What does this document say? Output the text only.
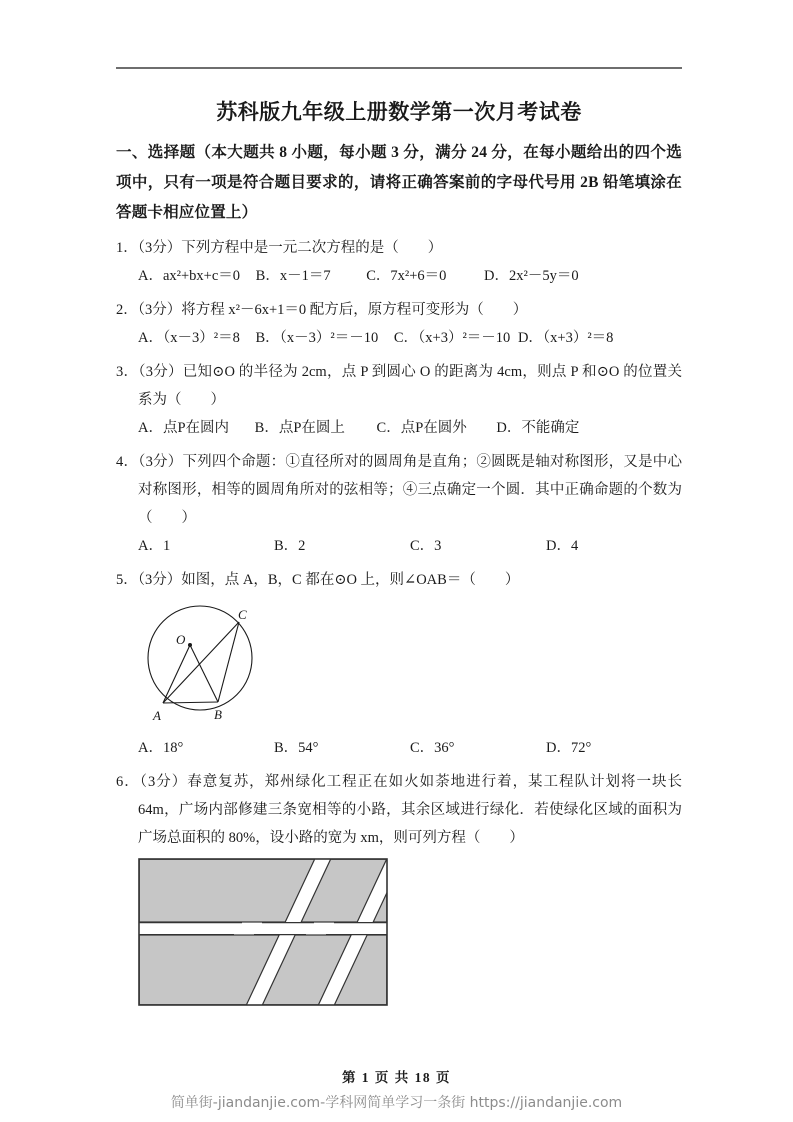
苏科版九年级上册数学第一次月考试卷
一、选择题（本大题共 8 小题，每小题 3 分，满分 24 分，在每小题给出的四个选项中，只有一项是符合题目要求的，请将正确答案前的字母代号用 2B 铅笔填涂在答题卡相应位置上）
1．（3分）下列方程中是一元二次方程的是（　　）
A．ax²+bx+c＝0 B．x－1＝7 C．7x²+6＝0	D．2x²－5y＝0
2．（3分）将方程 x²－6x+1＝0 配方后，原方程可变形为（　　）
A．（x－3）²＝8 B．（x－3）²＝－10 C．（x+3）²＝－10 D．（x+3）²＝8
3．（3分）已知⊙O 的半径为 2cm，点 P 到圆心 O 的距离为 4cm，则点 P 和⊙O 的位置关系为（　　）
A．点P在圆内 B．点P在圆上 C．点P在圆外 D．不能确定
4．（3分）下列四个命题：①直径所对的圆周角是直角；②圆既是轴对称图形，又是中心对称图形，相等的圆周角所对的弦相等；④三点确定一个圆．其中正确命题的个数为（　　）
A．1	B．2	C．3	D．4
5．（3分）如图，点 A，B，C 都在⊙O 上，则∠OAB＝（　　）
O
A	B
C
A．18°	B．54°	C．36°	D．72°
6．（3分）春意复苏，郑州绿化工程正在如火如荼地进行着，某工程队计划将一块长 64m，广场内部修建三条宽相等的小路，其余区域进行绿化．若使绿化区域的面积为广场总面积的 80%，设小路的宽为 xm，则可列方程（　　）
第 1 页 共 18 页
简单街-jiandanjie.com-学科网简单学习一条街 https://jiandanjie.com
